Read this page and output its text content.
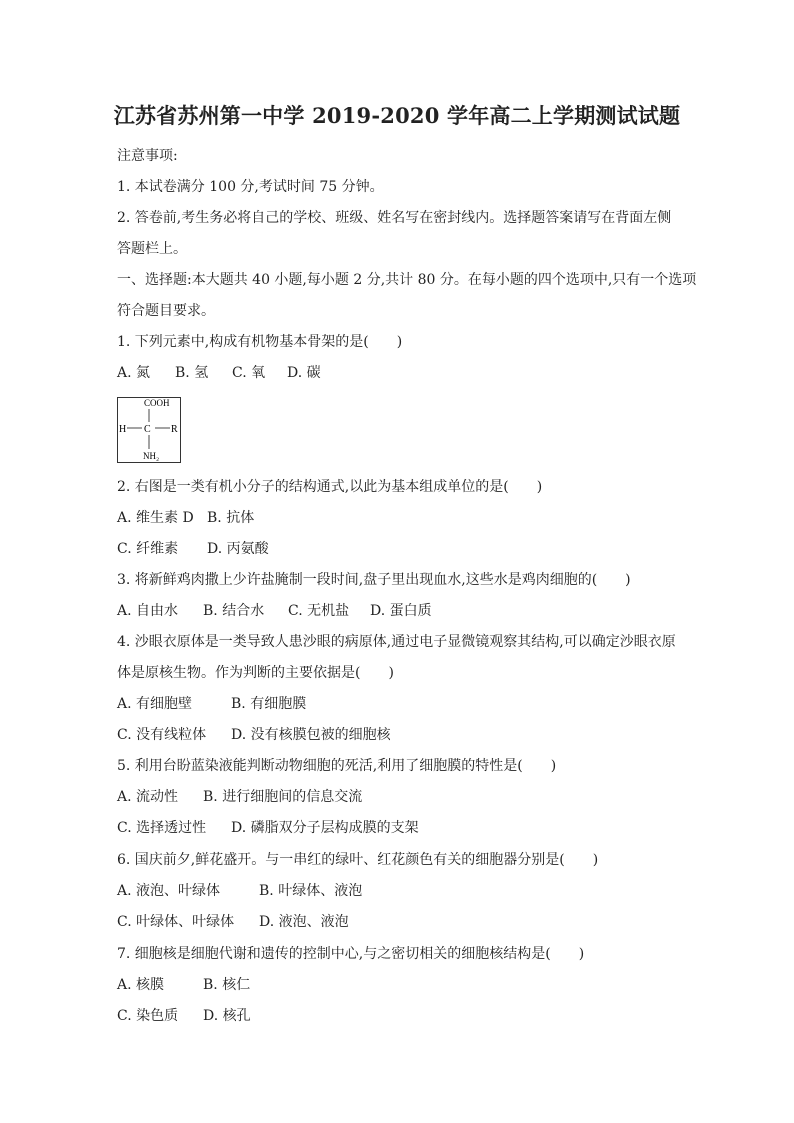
江苏省苏州第一中学 2019-2020 学年高二上学期测试试题
注意事项:
1. 本试卷满分 100 分,考试时间 75 分钟。
2. 答卷前,考生务必将自己的学校、班级、姓名写在密封线内。选择题答案请写在背面左侧
答题栏上。
一、选择题:本大题共 40 小题,每小题 2 分,共计 80 分。在每小题的四个选项中,只有一个选项
符合题目要求。
1. 下列元素中,构成有机物基本骨架的是(　　)
A. 氮 B. 氢 C. 氧 D. 碳
COOH
H C R
NH₂
2. 右图是一类有机小分子的结构通式,以此为基本组成单位的是(　　)
A. 维生素 D B. 抗体
C. 纤维素 D. 丙氨酸
3. 将新鲜鸡肉撒上少许盐腌制一段时间,盘子里出现血水,这些水是鸡肉细胞的(　　)
A. 自由水 B. 结合水 C. 无机盐 D. 蛋白质
4. 沙眼衣原体是一类导致人患沙眼的病原体,通过电子显微镜观察其结构,可以确定沙眼衣原
体是原核生物。作为判断的主要依据是(　　)
A. 有细胞壁	B. 有细胞膜
C. 没有线粒体 D. 没有核膜包被的细胞核
5. 利用台盼蓝染液能判断动物细胞的死活,利用了细胞膜的特性是(　　)
A. 流动性 B. 进行细胞间的信息交流
C. 选择透过性 D. 磷脂双分子层构成膜的支架
6. 国庆前夕,鲜花盛开。与一串红的绿叶、红花颜色有关的细胞器分别是(　　)
A. 液泡、叶绿体	B. 叶绿体、液泡
C. 叶绿体、叶绿体 D. 液泡、液泡
7. 细胞核是细胞代谢和遗传的控制中心,与之密切相关的细胞核结构是(　　)
A. 核膜	B. 核仁
C. 染色质 D. 核孔
